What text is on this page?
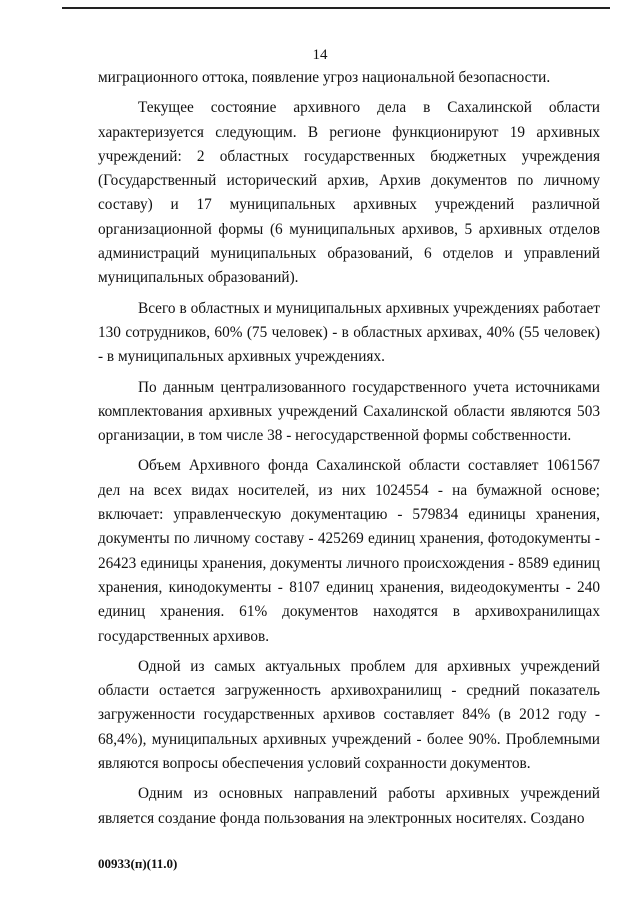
14

миграционного оттока, появление угроз национальной безопасности.

Текущее состояние архивного дела в Сахалинской области характеризуется следующим. В регионе функционируют 19 архивных учреждений: 2 областных государственных бюджетных учреждения (Государственный исторический архив, Архив документов по личному составу) и 17 муниципальных архивных учреждений различной организационной формы (6 муниципальных архивов, 5 архивных отделов администраций муниципальных образований, 6 отделов и управлений муниципальных образований).

Всего в областных и муниципальных архивных учреждениях работает 130 сотрудников, 60% (75 человек) - в областных архивах, 40% (55 человек) - в муниципальных архивных учреждениях.

По данным централизованного государственного учета источниками комплектования архивных учреждений Сахалинской области являются 503 организации, в том числе 38 - негосударственной формы собственности.

Объем Архивного фонда Сахалинской области составляет 1061567 дел на всех видах носителей, из них 1024554 - на бумажной основе; включает: управленческую документацию - 579834 единицы хранения, документы по личному составу - 425269 единиц хранения, фотодокументы - 26423 единицы хранения, документы личного происхождения - 8589 единиц хранения, кинодокументы - 8107 единиц хранения, видеодокументы - 240 единиц хранения. 61% документов находятся в архивохранилищах государственных архивов.

Одной из самых актуальных проблем для архивных учреждений области остается загруженность архивохранилищ - средний показатель загруженности государственных архивов составляет 84% (в 2012 году - 68,4%), муниципальных архивных учреждений - более 90%. Проблемными являются вопросы обеспечения условий сохранности документов.

Одним из основных направлений работы архивных учреждений является создание фонда пользования на электронных носителях. Создано

00933(п)(11.0)
